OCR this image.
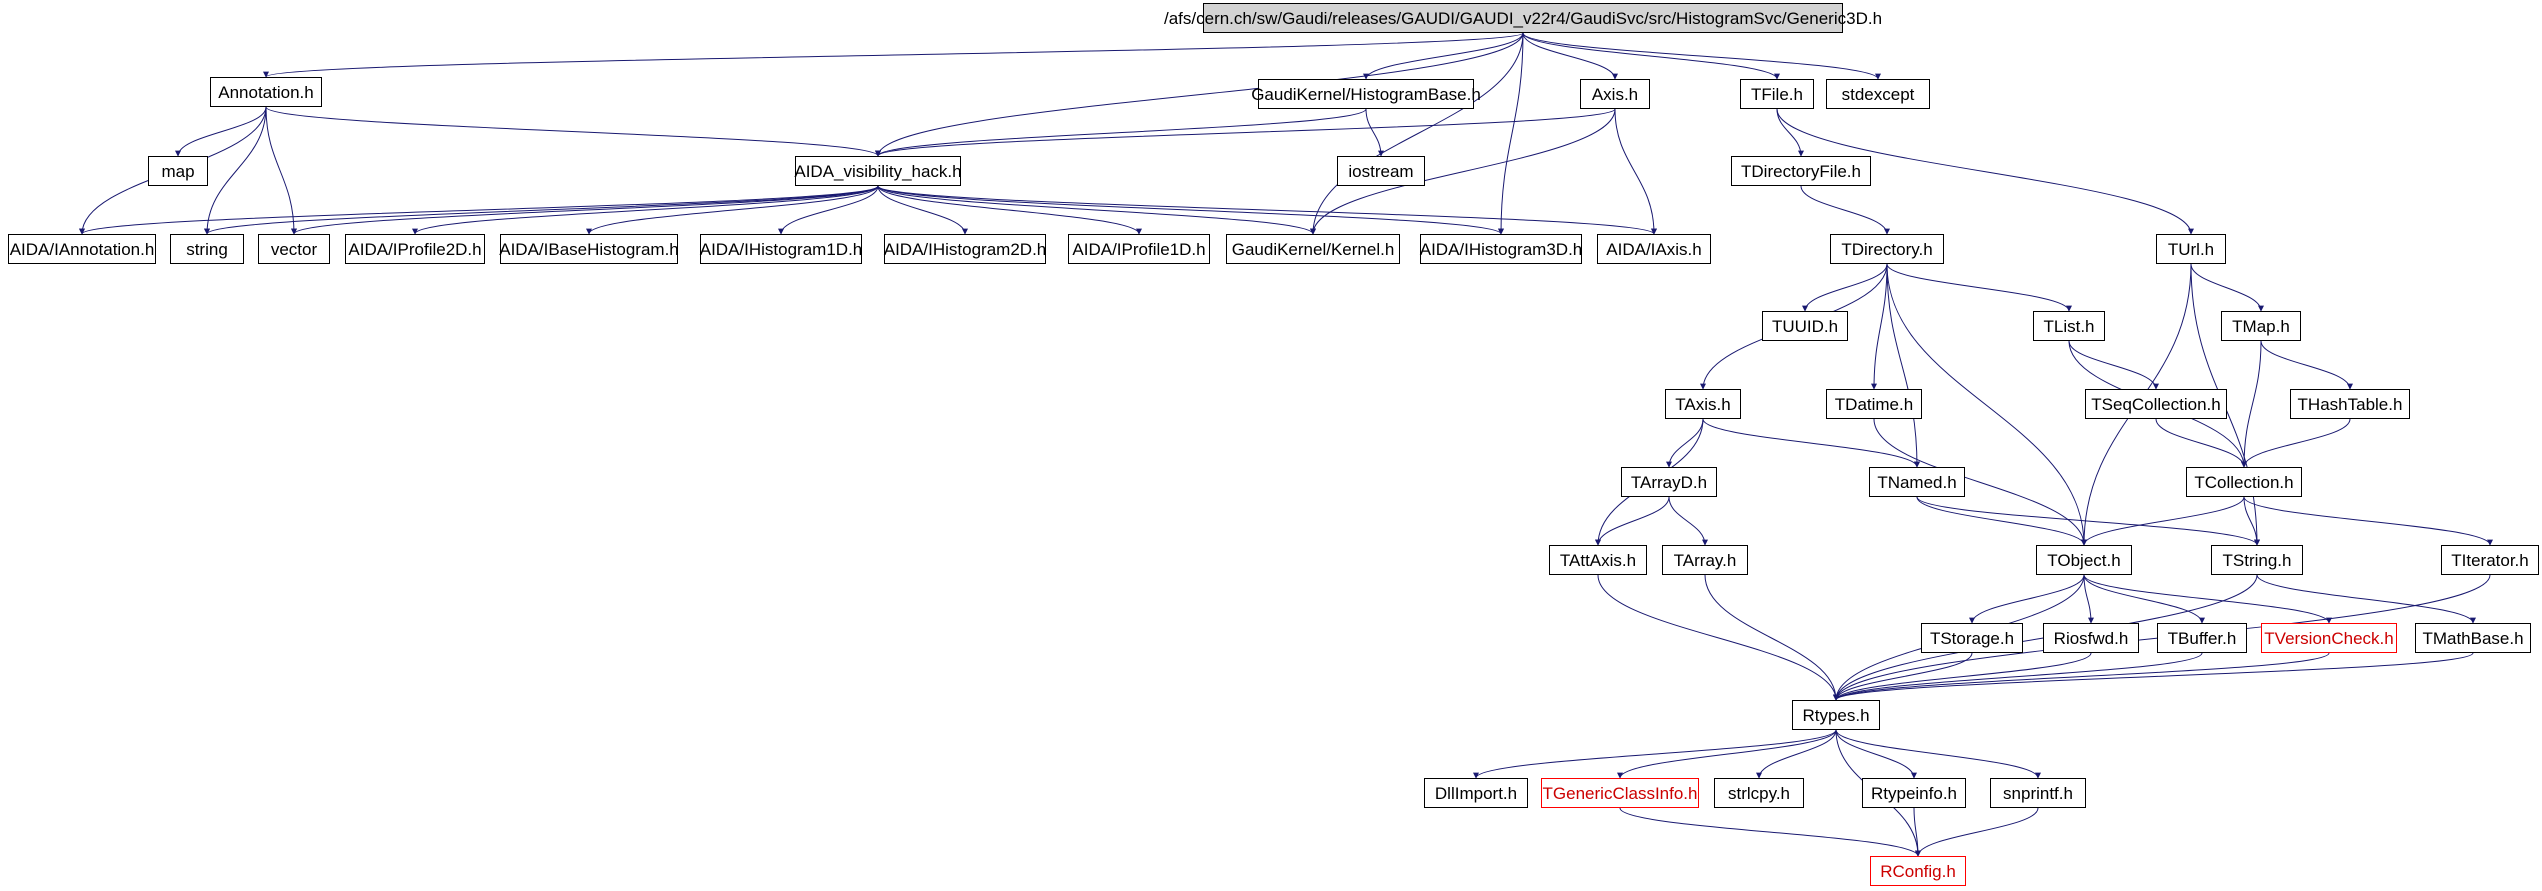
/afs/cern.ch/sw/Gaudi/releases/GAUDI/GAUDI_v22r4/GaudiSvc/src/HistogramSvc/Generic3D.h
Annotation.h	GaudiKernel/HistogramBase.h	Axis.h	TFile.h	stdexcept
map	AIDA_visibility_hack.h	iostream	TDirectoryFile.h
AIDA/IAnnotation.h	string	vector	AIDA/IProfile2D.h AIDA/IBaseHistogram.h AIDA/IHistogram1D.h AIDA/IHistogram2D.h AIDA/IProfile1D.h	GaudiKernel/Kernel.h	AIDA/IHistogram3D.h	AIDA/IAxis.h	TDirectory.h	TUrl.h
TUUID.h	TList.h	TMap.h
TAxis.h	TDatime.h	TSeqCollection.h	THashTable.h
TArrayD.h	TNamed.h	TCollection.h
TAttAxis.h	TArray.h	TObject.h	TString.h	TIterator.h
TStorage.h	Riosfwd.h	TBuffer.h	TVersionCheck.h	TMathBase.h
Rtypes.h
DllImport.h	TGenericClassInfo.h	strlcpy.h	Rtypeinfo.h	snprintf.h
RConfig.h
